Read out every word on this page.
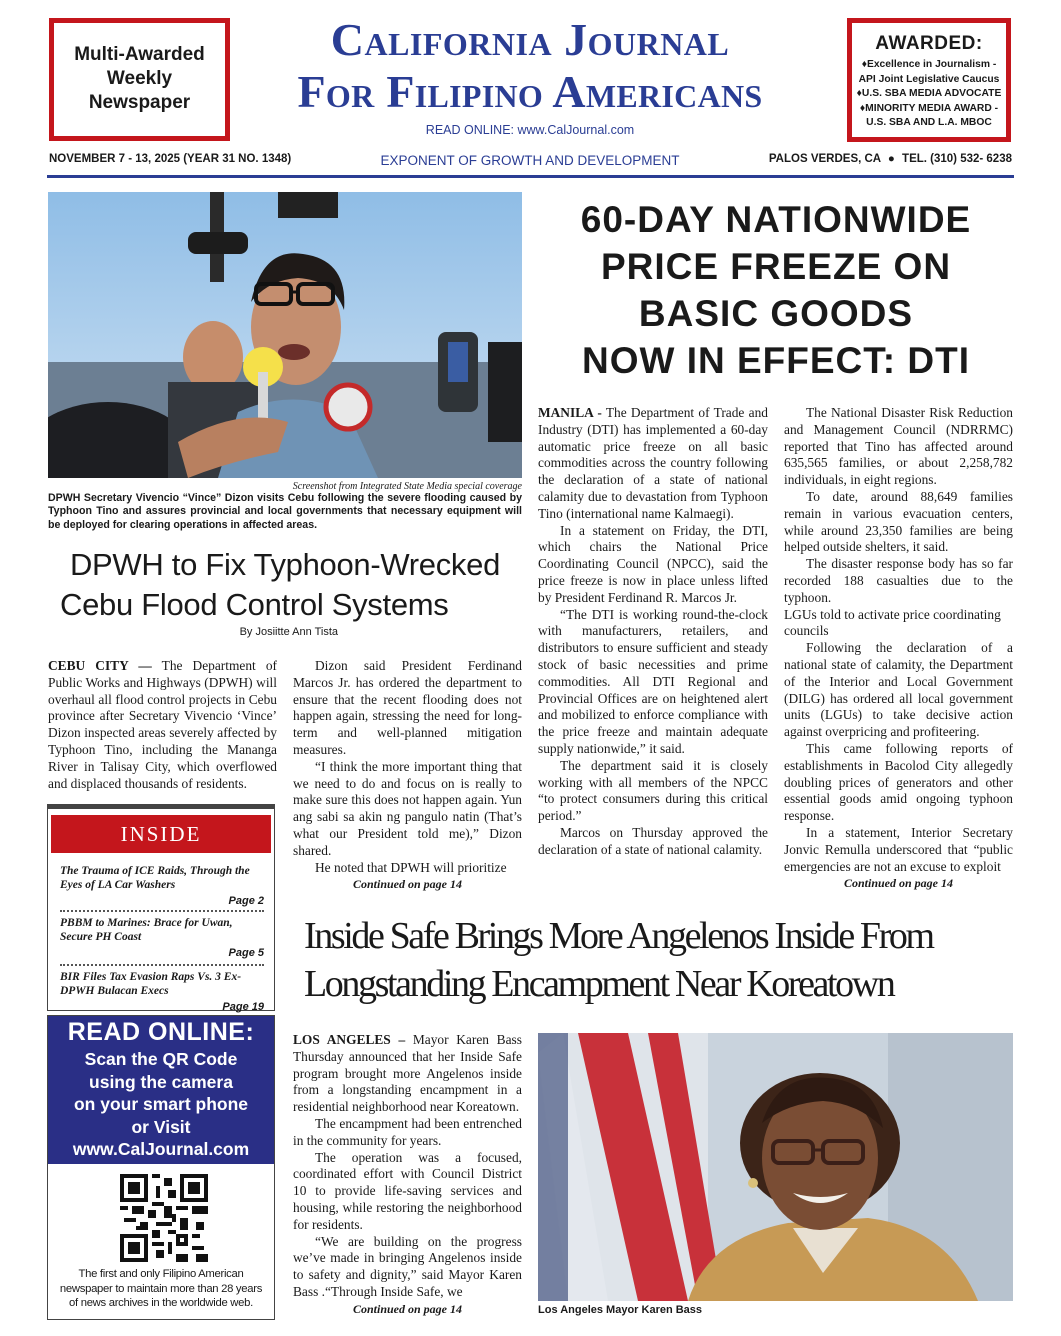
Multi-Awarded
Weekly
Newspaper
California Journal
For Filipino Americans
READ ONLINE: www.CalJournal.com
AWARDED:
♦Excellence in Journalism -
API Joint Legislative Caucus
♦U.S. SBA MEDIA ADVOCATE
♦MINORITY MEDIA AWARD -
U.S. SBA AND L.A. MBOC
NOVEMBER 7 - 13, 2025 (YEAR 31 NO. 1348)	EXPONENT OF GROWTH AND DEVELOPMENT	PALOS VERDES, CA ● TEL. (310) 532- 6238
Screenshot from Integrated State Media special coverage
DPWH Secretary Vivencio “Vince” Dizon visits Cebu following the severe flooding caused by Typhoon Tino and assures provincial and local governments that necessary equipment will be deployed for clearing operations in affected areas.
DPWH to Fix Typhoon-Wrecked
Cebu Flood Control Systems
By Josiitte Ann Tista

CEBU CITY — The Department of Public Works and Highways (DPWH) will overhaul all flood control projects in Cebu province after Secretary Vivencio ‘Vince’ Dizon inspected areas severely affected by Typhoon Tino, including the Mananga River in Talisay City, which overflowed and displaced thousands of residents.

Dizon said President Ferdinand Marcos Jr. has ordered the department to ensure that the recent flooding does not happen again, stressing the need for long-term and well-planned mitigation measures.

“I think the more important thing that we need to do and focus on is really to make sure this does not happen again. Yun ang sabi sa akin ng pangulo natin (That’s what our President told me),” Dizon shared.

He noted that DPWH will prioritize

Continued on page 14

INSIDE
The Trauma of ICE Raids, Through the Eyes of LA Car Washers
Page 2
PBBM to Marines: Brace for Uwan, Secure PH Coast
Page 5
BIR Files Tax Evasion Raps Vs. 3 Ex-DPWH Bulacan Execs
Page 19
READ ONLINE:
Scan the QR Code
using the camera
on your smart phone
or Visit
www.CalJournal.com
The first and only Filipino American
newspaper to maintain more than 28 years
of news archives in the worldwide web.
60-DAY NATIONWIDE
PRICE FREEZE ON
BASIC GOODS
NOW IN EFFECT: DTI

MANILA - The Department of Trade and Industry (DTI) has implemented a 60-day automatic price freeze on all basic commodities across the country following the declaration of a state of national calamity due to devastation from Typhoon Tino (international name Kalmaegi).

In a statement on Friday, the DTI, which chairs the National Price Coordinating Council (NPCC), said the price freeze is now in place unless lifted by President Ferdinand R. Marcos Jr.

“The DTI is working round-the-clock with manufacturers, retailers, and distributors to ensure sufficient and steady stock of basic necessities and prime commodities. All DTI Regional and Provincial Offices are on heightened alert and mobilized to enforce compliance with the price freeze and maintain adequate supply nationwide,” it said.

The department said it is closely working with all members of the NPCC “to protect consumers during this critical period.”

Marcos on Thursday approved the declaration of a state of national calamity.

The National Disaster Risk Reduction and Management Council (NDRRMC) reported that Tino has affected around 635,565 families, or about 2,258,782 individuals, in eight regions.

To date, around 88,649 families remain in various evacuation centers, while around 23,350 families are being helped outside shelters, it said.

The disaster response body has so far recorded 188 casualties due to the typhoon.

LGUs told to activate price coordinating councils

Following the declaration of a national state of calamity, the Department of the Interior and Local Government (DILG) has ordered all local government units (LGUs) to take decisive action against overpricing and profiteering.

This came following reports of establishments in Bacolod City allegedly doubling prices of generators and other essential goods amid ongoing typhoon response.

In a statement, Interior Secretary Jonvic Remulla underscored that “public emergencies are not an excuse to exploit

Continued on page 14

Inside Safe Brings More Angelenos Inside From
Longstanding Encampment Near Koreatown

LOS ANGELES – Mayor Karen Bass Thursday announced that her Inside Safe program brought more Angelenos inside from a longstanding encampment in a residential neighborhood near Koreatown.

The encampment had been entrenched in the community for years.

The operation was a focused, coordinated effort with Council District 10 to provide life-saving services and housing, while restoring the neighborhood for residents.

“We are building on the progress we’ve made in bringing Angelenos inside to safety and dignity,” said Mayor Karen Bass .“Through Inside Safe, we

Continued on page 14	Los Angeles Mayor Karen Bass
